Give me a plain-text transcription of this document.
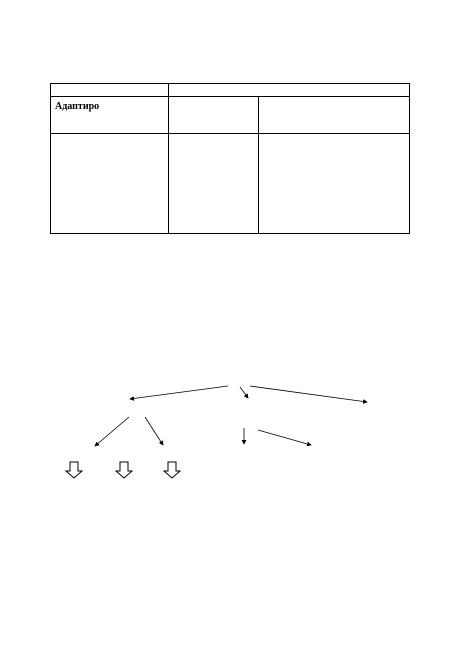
Адаптиро		
